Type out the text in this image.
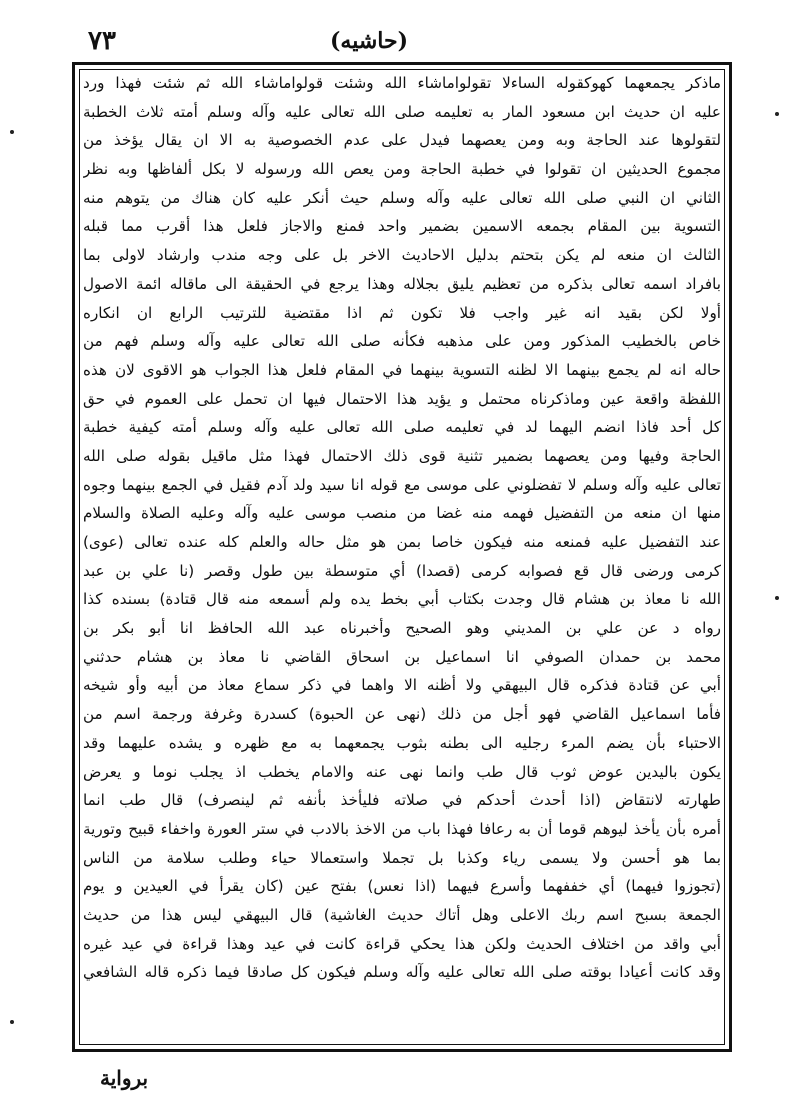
٧٣	(حاشيه)
ماذكر يجمعهما كهوكقوله الساءلا تقولواماشاء الله وشئت قولواماشاء الله ثم شئت فهذا ورد
عليه ان حديث ابن مسعود المار به تعليمه صلى الله تعالى عليه وآله وسلم أمته ثلاث الخطبة
لتقولوها عند الحاجة وبه ومن يعصهما فيدل على عدم الخصوصية به الا ان يقال يؤخذ من
مجموع الحديثين ان تقولوا في خطبة الحاجة ومن يعص الله ورسوله لا بكل ألفاظها وبه نظر
الثاني ان النبي صلى الله تعالى عليه وآله وسلم حيث أنكر عليه كان هناك من يتوهم منه
التسوية بين المقام بجمعه الاسمين بضمير واحد فمنع والاجاز فلعل هذا أقرب مما قبله
الثالث ان منعه لم يكن بتحتم بدليل الاحاديث الاخر بل على وجه مندب وارشاد لاولى بما
بافراد اسمه تعالى بذكره من تعظيم يليق بجلاله وهذا يرجع في الحقيقة الى ماقاله ائمة الاصول
أولا لكن بقيد انه غير واجب فلا تكون ثم اذا مقتضية للترتيب الرابع ان انكاره
خاص بالخطيب المذكور ومن على مذهبه فكأنه صلى الله تعالى عليه وآله وسلم فهم من
حاله انه لم يجمع بينهما الا لظنه التسوية بينهما في المقام فلعل هذا الجواب هو الاقوى لان هذه
اللفظة واقعة عين وماذكرناه محتمل و يؤيد هذا الاحتمال فيها ان تحمل على العموم في حق
كل أحد فاذا انضم اليهما لد في تعليمه صلى الله تعالى عليه وآله وسلم أمته كيفية خطبة
الحاجة وفيها ومن يعصهما بضمير تثنية قوى ذلك الاحتمال فهذا مثل ماقيل بقوله صلى الله
تعالى عليه وآله وسلم لا تفضلوني على موسى مع قوله انا سيد ولد آدم فقيل في الجمع بينهما وجوه
منها ان منعه من التفضيل فهمه منه غضا من منصب موسى عليه وآله وعليه الصلاة والسلام
عند التفضيل عليه فمنعه منه فيكون خاصا بمن هو مثل حاله والعلم كله عنده تعالى (عوى)
كرمى ورضى قال قع فصوابه كرمى (قصدا) أي متوسطة بين طول وقصر (نا علي بن عبد
الله نا معاذ بن هشام قال وجدت بكتاب أبي بخط يده ولم أسمعه منه قال قتادة) بسنده كذا
رواه د عن علي بن المديني وهو الصحيح وأخبرناه عبد الله الحافظ انا أبو بكر بن
محمد بن حمدان الصوفي انا اسماعيل بن اسحاق القاضي نا معاذ بن هشام حدثني
أبي عن قتادة فذكره قال البيهقي ولا أظنه الا واهما في ذكر سماع معاذ من أبيه وأو شيخه
فأما اسماعيل القاضي فهو أجل من ذلك (نهى عن الحبوة) كسدرة وغرفة ورجمة اسم من
الاحتباء بأن يضم المرء رجليه الى بطنه بثوب يجمعهما به مع ظهره و يشده عليهما وقد
يكون باليدين عوض ثوب قال طب وانما نهى عنه والامام يخطب اذ يجلب نوما و يعرض
طهارته لانتقاض (اذا أحدث أحدكم في صلاته فليأخذ بأنفه ثم لينصرف) قال طب انما
أمره بأن يأخذ ليوهم قوما أن به رعافا فهذا باب من الاخذ بالادب في ستر العورة واخفاء قبيح وتورية
بما هو أحسن ولا يسمى رياء وكذبا بل تجملا واستعمالا حياء وطلب سلامة من الناس
(تجوزوا فيهما) أي خففهما وأسرع فيهما (اذا نعس) بفتح عين (كان يقرأ في العيدين و يوم
الجمعة بسبح اسم ربك الاعلى وهل أتاك حديث الغاشية) قال البيهقي ليس هذا من حديث
أبي واقد من اختلاف الحديث ولكن هذا يحكي قراءة كانت في عيد وهذا قراءة في عيد غيره
وقد كانت أعيادا بوقته صلى الله تعالى عليه وآله وسلم فيكون كل صادقا فيما ذكره قاله الشافعي
برواية
